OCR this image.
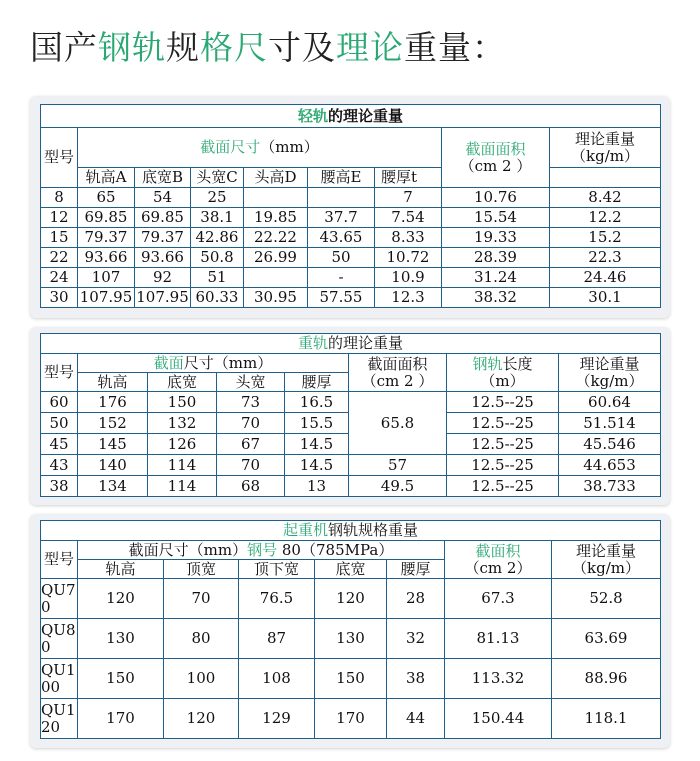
国产钢轨规格尺寸及理论重量：
轻轨的理论重量								
型号	截面尺寸（mm）						截面面积
（cm 2 ）	理论重量
（kg/m）
	轨高A	底宽B	头宽C	头高D	腰高E	腰厚t		
8	65	54	25			7	10.76	8.42
12	69.85	69.85	38.1	19.85	37.7	7.54	15.54	12.2
15	79.37	79.37	42.86	22.22	43.65	8.33	19.33	15.2
22	93.66	93.66	50.8	26.99	50	10.72	28.39	22.3
24	107	92	51		-	10.9	31.24	24.46
30	107.95	107.95	60.33	30.95	57.55	12.3	38.32	30.1
重轨的理论重量							
型号	截面尺寸（mm）				截面面积
（cm 2 ）	钢轨长度
（m）	理论重量
（kg/m）
	轨高	底宽	头宽	腰厚			
60	176	150	73	16.5	65.8	12.5--25	60.64
50	152	132	70	15.5		12.5--25	51.514
45	145	126	67	14.5		12.5--25	45.546
43	140	114	70	14.5	57	12.5--25	44.653
38	134	114	68	13	49.5	12.5--25	38.733
起重机钢轨规格重量							
型号	截面尺寸（mm）钢号 80（785MPa）					截面积（cm 2）	理论重量
（kg/m）
	轨高	顶宽	顶下宽	底宽	腰厚		
QU70	120	70	76.5	120	28	67.3	52.8
QU80	130	80	87	130	32	81.13	63.69
QU100	150	100	108	150	38	113.32	88.96
QU120	170	120	129	170	44	150.44	118.1
